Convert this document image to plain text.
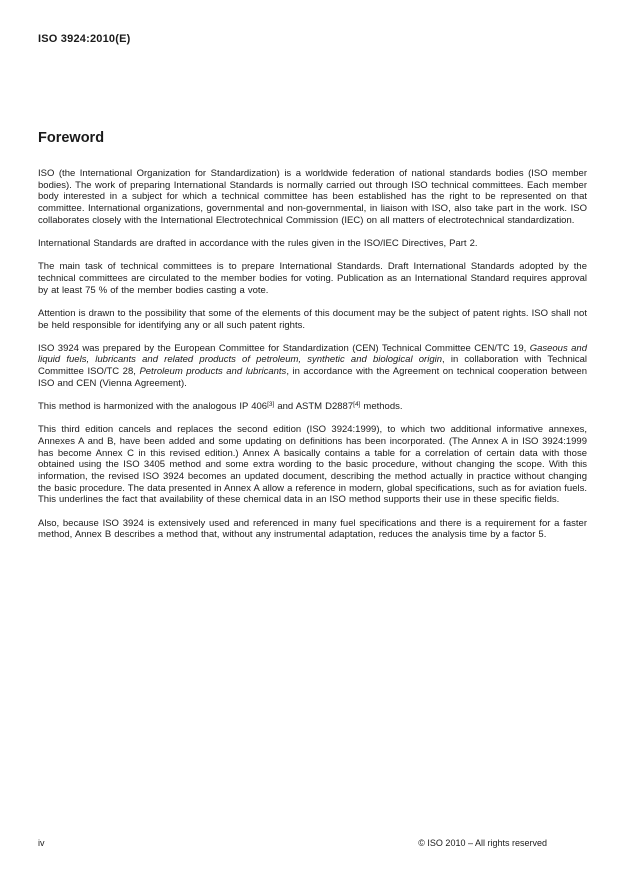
ISO 3924:2010(E)
Foreword

ISO (the International Organization for Standardization) is a worldwide federation of national standards bodies (ISO member bodies). The work of preparing International Standards is normally carried out through ISO technical committees. Each member body interested in a subject for which a technical committee has been established has the right to be represented on that committee. International organizations, governmental and non-governmental, in liaison with ISO, also take part in the work. ISO collaborates closely with the International Electrotechnical Commission (IEC) on all matters of electrotechnical standardization.

International Standards are drafted in accordance with the rules given in the ISO/IEC Directives, Part 2.

The main task of technical committees is to prepare International Standards. Draft International Standards adopted by the technical committees are circulated to the member bodies for voting. Publication as an International Standard requires approval by at least 75 % of the member bodies casting a vote.

Attention is drawn to the possibility that some of the elements of this document may be the subject of patent rights. ISO shall not be held responsible for identifying any or all such patent rights.

ISO 3924 was prepared by the European Committee for Standardization (CEN) Technical Committee CEN/TC 19, Gaseous and liquid fuels, lubricants and related products of petroleum, synthetic and biological origin, in collaboration with Technical Committee ISO/TC 28, Petroleum products and lubricants, in accordance with the Agreement on technical cooperation between ISO and CEN (Vienna Agreement).

This method is harmonized with the analogous IP 406[3] and ASTM D2887[4] methods.

This third edition cancels and replaces the second edition (ISO 3924:1999), to which two additional informative annexes, Annexes A and B, have been added and some updating on definitions has been incorporated. (The Annex A in ISO 3924:1999 has become Annex C in this revised edition.) Annex A basically contains a table for a correlation of certain data with those obtained using the ISO 3405 method and some extra wording to the basic procedure, without changing the scope. With this information, the revised ISO 3924 becomes an updated document, describing the method actually in practice without changing the basic procedure. The data presented in Annex A allow a reference in modern, global specifications, such as for aviation fuels. This underlines the fact that availability of these chemical data in an ISO method supports their use in these specific fields.

Also, because ISO 3924 is extensively used and referenced in many fuel specifications and there is a requirement for a faster method, Annex B describes a method that, without any instrumental adaptation, reduces the analysis time by a factor 5.

iv	© ISO 2010 – All rights reserved
